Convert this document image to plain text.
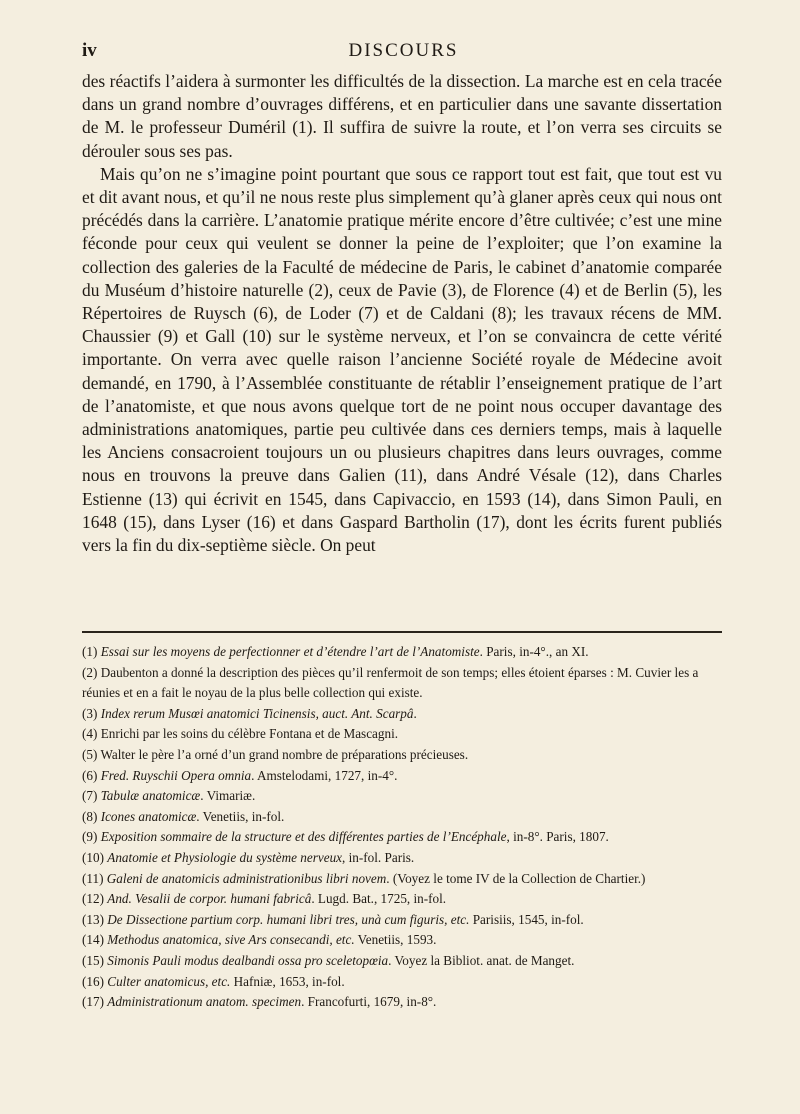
iv	DISCOURS

des réactifs l’aidera à surmonter les difficultés de la dissection. La marche est en cela tracée dans un grand nombre d’ouvrages différens, et en particulier dans une savante dissertation de M. le professeur Duméril (1). Il suffira de suivre la route, et l’on verra ses circuits se dérouler sous ses pas.

Mais qu’on ne s’imagine point pourtant que sous ce rapport tout est fait, que tout est vu et dit avant nous, et qu’il ne nous reste plus simplement qu’à glaner après ceux qui nous ont précédés dans la carrière. L’anatomie pratique mérite encore d’être cultivée; c’est une mine féconde pour ceux qui veulent se donner la peine de l’exploiter; que l’on examine la collection des galeries de la Faculté de médecine de Paris, le cabinet d’anatomie comparée du Muséum d’histoire naturelle (2), ceux de Pavie (3), de Florence (4) et de Berlin (5), les Répertoires de Ruysch (6), de Loder (7) et de Caldani (8); les travaux récens de MM. Chaussier (9) et Gall (10) sur le système nerveux, et l’on se convaincra de cette vérité importante. On verra avec quelle raison l’ancienne Société royale de Médecine avoit demandé, en 1790, à l’Assemblée constituante de rétablir l’enseignement pratique de l’art de l’anatomiste, et que nous avons quelque tort de ne point nous occuper davantage des administrations anatomiques, partie peu cultivée dans ces derniers temps, mais à laquelle les Anciens consacroient toujours un ou plusieurs chapitres dans leurs ouvrages, comme nous en trouvons la preuve dans Galien (11), dans André Vésale (12), dans Charles Estienne (13) qui écrivit en 1545, dans Capivaccio, en 1593 (14), dans Simon Pauli, en 1648 (15), dans Lyser (16) et dans Gaspard Bartholin (17), dont les écrits furent publiés vers la fin du dix-septième siècle. On peut

(1) Essai sur les moyens de perfectionner et d’étendre l’art de l’Anatomiste. Paris, in-4°., an XI.

(2) Daubenton a donné la description des pièces qu’il renfermoit de son temps; elles étoient éparses : M. Cuvier les a réunies et en a fait le noyau de la plus belle collection qui existe.

(3) Index rerum Musœi anatomici Ticinensis, auct. Ant. Scarpâ.

(4) Enrichi par les soins du célèbre Fontana et de Mascagni.

(5) Walter le père l’a orné d’un grand nombre de préparations précieuses.

(6) Fred. Ruyschii Opera omnia. Amstelodami, 1727, in-4°.

(7) Tabulæ anatomicæ. Vimariæ.

(8) Icones anatomicæ. Venetiis, in-fol.

(9) Exposition sommaire de la structure et des différentes parties de l’Encéphale, in-8°. Paris, 1807.

(10) Anatomie et Physiologie du système nerveux, in-fol. Paris.

(11) Galeni de anatomicis administrationibus libri novem. (Voyez le tome IV de la Collection de Chartier.)

(12) And. Vesalii de corpor. humani fabricâ. Lugd. Bat., 1725, in-fol.

(13) De Dissectione partium corp. humani libri tres, unà cum figuris, etc. Parisiis, 1545, in-fol.

(14) Methodus anatomica, sive Ars consecandi, etc. Venetiis, 1593.

(15) Simonis Pauli modus dealbandi ossa pro sceletopœia. Voyez la Bibliot. anat. de Manget.

(16) Culter anatomicus, etc. Hafniæ, 1653, in-fol.

(17) Administrationum anatom. specimen. Francofurti, 1679, in-8°.
